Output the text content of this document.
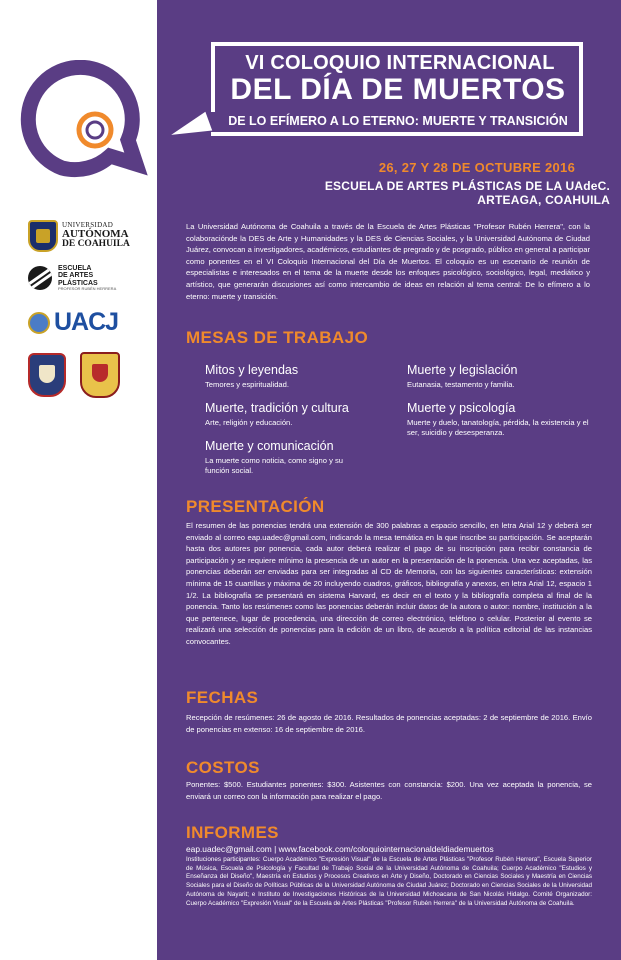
UNIVERSIDAD
AUTÓNOMA
DE COAHUILA
ESCUELA
DE ARTES
PLÁSTICAS
PROFESOR RUBÉN HERRERA
UACJ
VI COLOQUIO INTERNACIONAL
DEL DÍA DE MUERTOS
DE LO EFÍMERO A LO ETERNO: MUERTE Y TRANSICIÓN
26, 27 Y 28 DE OCTUBRE 2016
ESCUELA DE ARTES PLÁSTICAS DE LA UAdeC. ARTEAGA, COAHUILA
La Universidad Autónoma de Coahuila a través de la Escuela de Artes Plásticas "Profesor Rubén Herrera", con la colaboraciónde la DES de Arte y Humanidades y la DES de Ciencias Sociales, y la Universidad Autónoma de Ciudad Juárez, convocan a investigadores, académicos, estudiantes de pregrado y de posgrado, público en general a participar como ponentes en el VI Coloquio Internacional del Día de Muertos. El coloquio es un escenario de reunión de especialistas e interesados en el tema de la muerte desde los enfoques psicológico, sociológico, legal, mediático y artístico, que generarán discusiones así como intercambio de ideas en relación al tema central: De lo efímero a lo eterno: muerte y transición.
MESAS DE TRABAJO
Mitos y leyendas
Temores y espiritualidad.
Muerte, tradición y cultura
Arte, religión y educación.
Muerte y comunicación
La muerte como noticia, como signo y su función social.
Muerte y legislación
Eutanasia, testamento y familia.
Muerte y psicología
Muerte y duelo, tanatología, pérdida, la existencia y el ser, suicidio y desesperanza.
PRESENTACIÓN
El resumen de las ponencias tendrá una extensión de 300 palabras a espacio sencillo, en letra Arial 12 y deberá ser enviado al correo eap.uadec@gmail.com, indicando la mesa temática en la que inscribe su participación. Se aceptarán hasta dos autores por ponencia, cada autor deberá realizar el pago de su inscripción para recibir constancia de participación y se requiere mínimo la presencia de un autor en la presentación de la ponencia. Una vez aceptadas, las ponencias deberán ser enviadas para ser integradas al CD de Memoria, con las siguientes características: extensión mínima de 15 cuartillas y máxima de 20 incluyendo cuadros, gráficos, bibliografía y anexos, en letra Arial 12, espacio 1 1/2. La bibliografía se presentará en sistema Harvard, es decir en el texto y la bibliografía completa al final de la ponencia. Tanto los resúmenes como las ponencias deberán incluir datos de la autora o autor: nombre, institución a la que pertenece, lugar de procedencia, una dirección de correo electrónico, teléfono o celular. Posterior al evento se realizará una selección de ponencias para la edición de un libro, de acuerdo a la política editorial de las instancias convocantes.
FECHAS
Recepción de resúmenes: 26 de agosto de 2016. Resultados de ponencias aceptadas: 2 de septiembre de 2016. Envío de ponencias en extenso: 16 de septiembre de 2016.
COSTOS
Ponentes: $500. Estudiantes ponentes: $300. Asistentes con constancia: $200. Una vez aceptada la ponencia, se enviará un correo con la información para realizar el pago.
INFORMES
eap.uadec@gmail.com | www.facebook.com/coloquiointernacionaldeldiademuertos
Instituciones participantes: Cuerpo Académico "Expresión Visual" de la Escuela de Artes Plásticas "Profesor Rubén Herrera", Escuela Superior de Música, Escuela de Psicología y Facultad de Trabajo Social de la Universidad Autónoma de Coahuila; Cuerpo Académico "Estudios y Enseñanza del Diseño", Maestría en Estudios y Procesos Creativos en Arte y Diseño, Doctorado en Ciencias Sociales y Maestría en Ciencias Sociales para el Diseño de Políticas Públicas de la Universidad Autónoma de Ciudad Juárez; Doctorado en Ciencias Sociales de la Universidad Autónoma de Nayarit; e Instituto de Investigaciones Históricas de la Universidad Michoacana de San Nicolás Hidalgo. Comité Organizador: Cuerpo Académico "Expresión Visual" de la Escuela de Artes Plásticas "Profesor Rubén Herrera" de la Universidad Autónoma de Coahuila.
